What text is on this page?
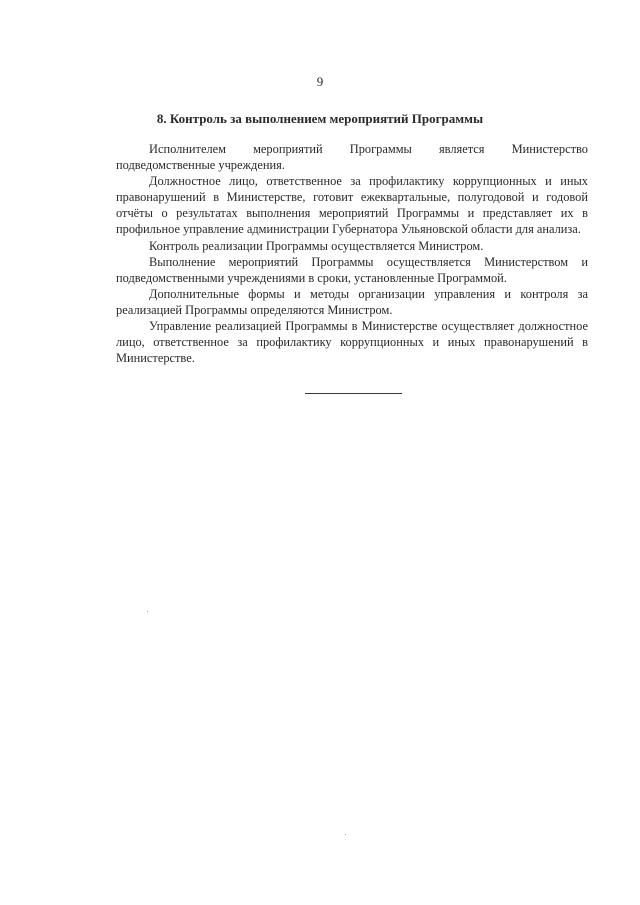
9
8. Контроль за выполнением мероприятий Программы

Исполнителем мероприятий Программы является Министерство подведомственные учреждения.

Должностное лицо, ответственное за профилактику коррупционных и иных правонарушений в Министерстве, готовит ежеквартальные, полугодовой и годовой отчёты о результатах выполнения мероприятий Программы и представляет их в профильное управление администрации Губернатора Ульяновской области для анализа.

Контроль реализации Программы осуществляется Министром.

Выполнение мероприятий Программы осуществляется Министерством и подведомственными учреждениями в сроки, установленные Программой.

Дополнительные формы и методы организации управления и контроля за реализацией Программы определяются Министром.

Управление реализацией Программы в Министерстве осуществляет должностное лицо, ответственное за профилактику коррупционных и иных правонарушений в Министерстве.
